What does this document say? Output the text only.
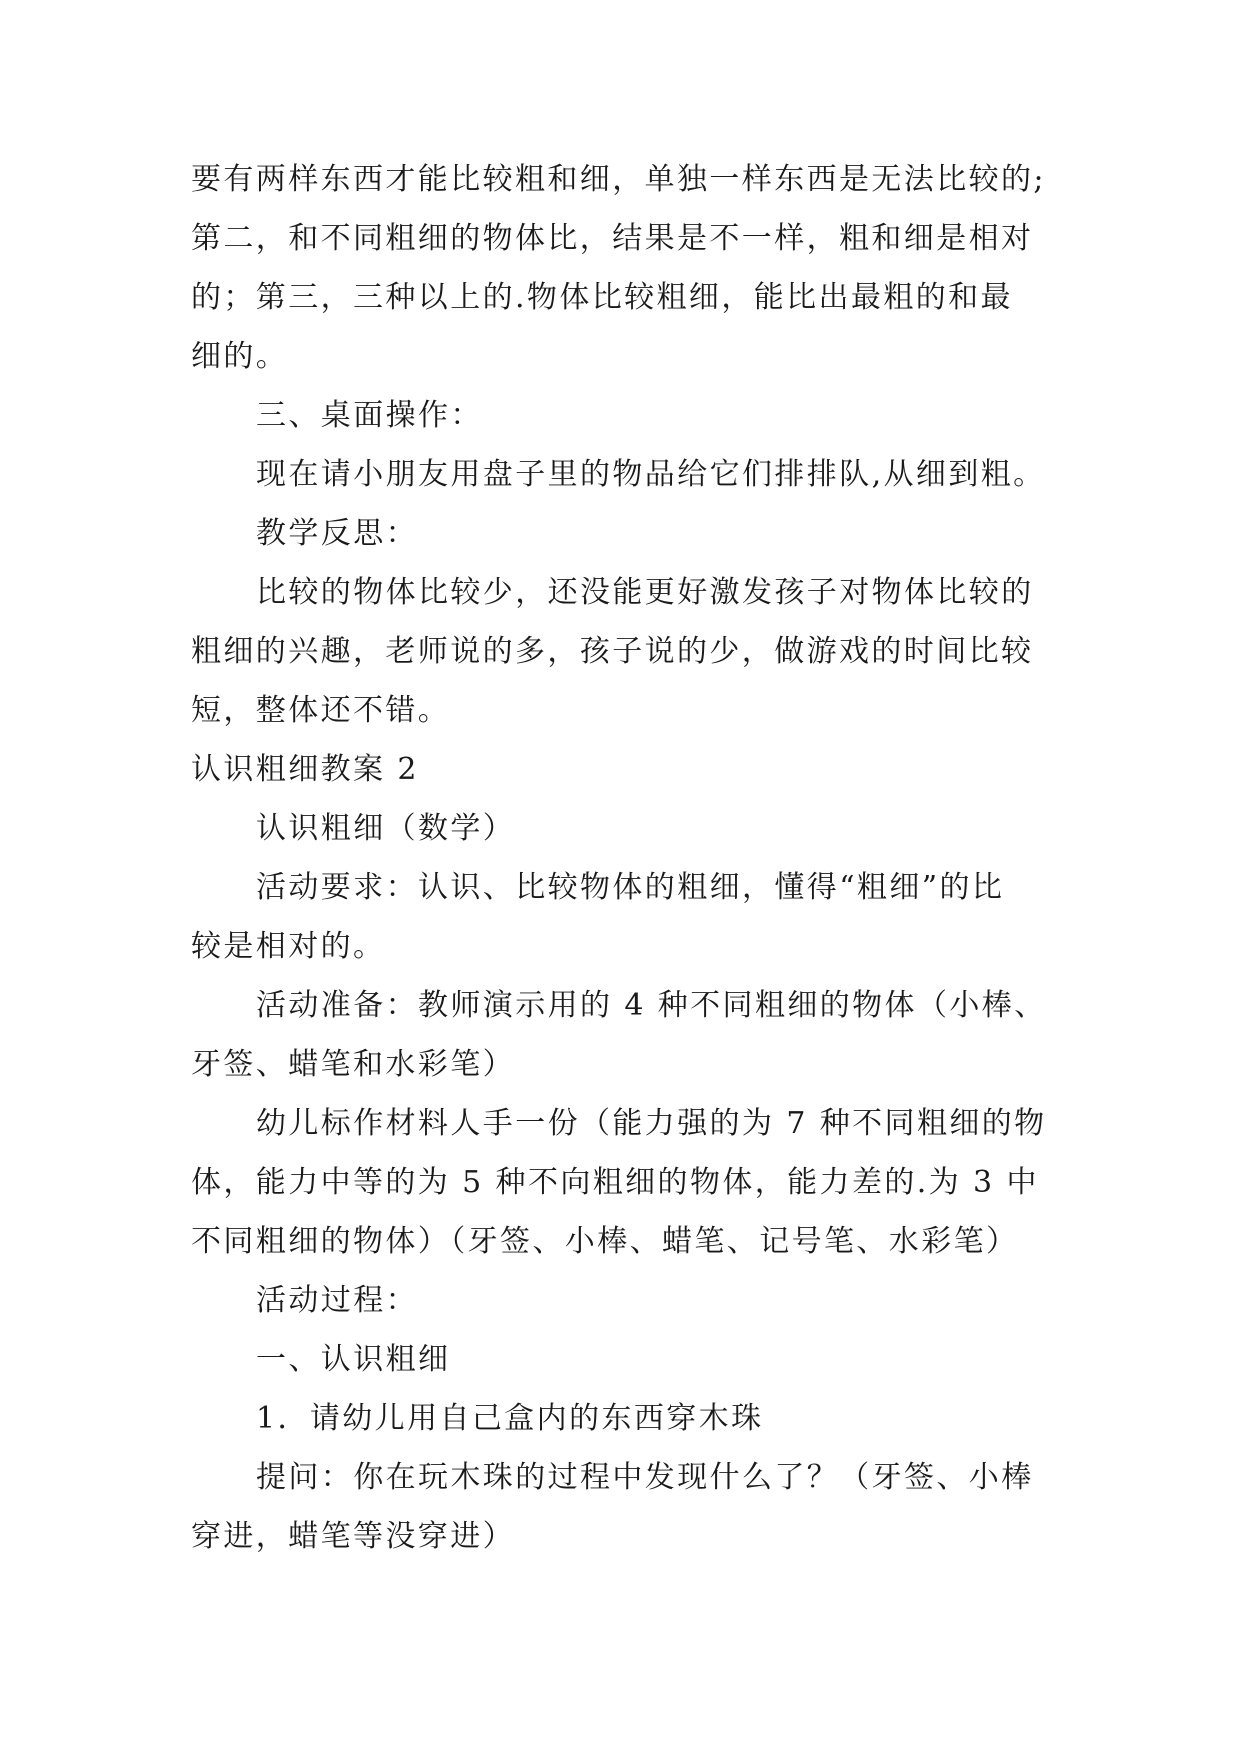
要有两样东西才能比较粗和细，单独一样东西是无法比较的;
第二，和不同粗细的物体比，结果是不一样，粗和细是相对
的；第三，三种以上的.物体比较粗细，能比出最粗的和最
细的。
三、桌面操作：
现在请小朋友用盘子里的物品给它们排排队,从细到粗。
教学反思：
比较的物体比较少，还没能更好激发孩子对物体比较的
粗细的兴趣，老师说的多，孩子说的少，做游戏的时间比较
短，整体还不错。
认识粗细教案 2
认识粗细（数学）
活动要求：认识、比较物体的粗细，懂得“粗细”的比
较是相对的。
活动准备：教师演示用的 4 种不同粗细的物体（小棒、
牙签、蜡笔和水彩笔）
幼儿标作材料人手一份（能力强的为 7 种不同粗细的物
体，能力中等的为 5 种不向粗细的物体，能力差的.为 3 中
不同粗细的物体）（牙签、小棒、蜡笔、记号笔、水彩笔）
活动过程：
一、认识粗细
1．请幼儿用自己盒内的东西穿木珠
提问：你在玩木珠的过程中发现什么了？（牙签、小棒
穿进，蜡笔等没穿进）
